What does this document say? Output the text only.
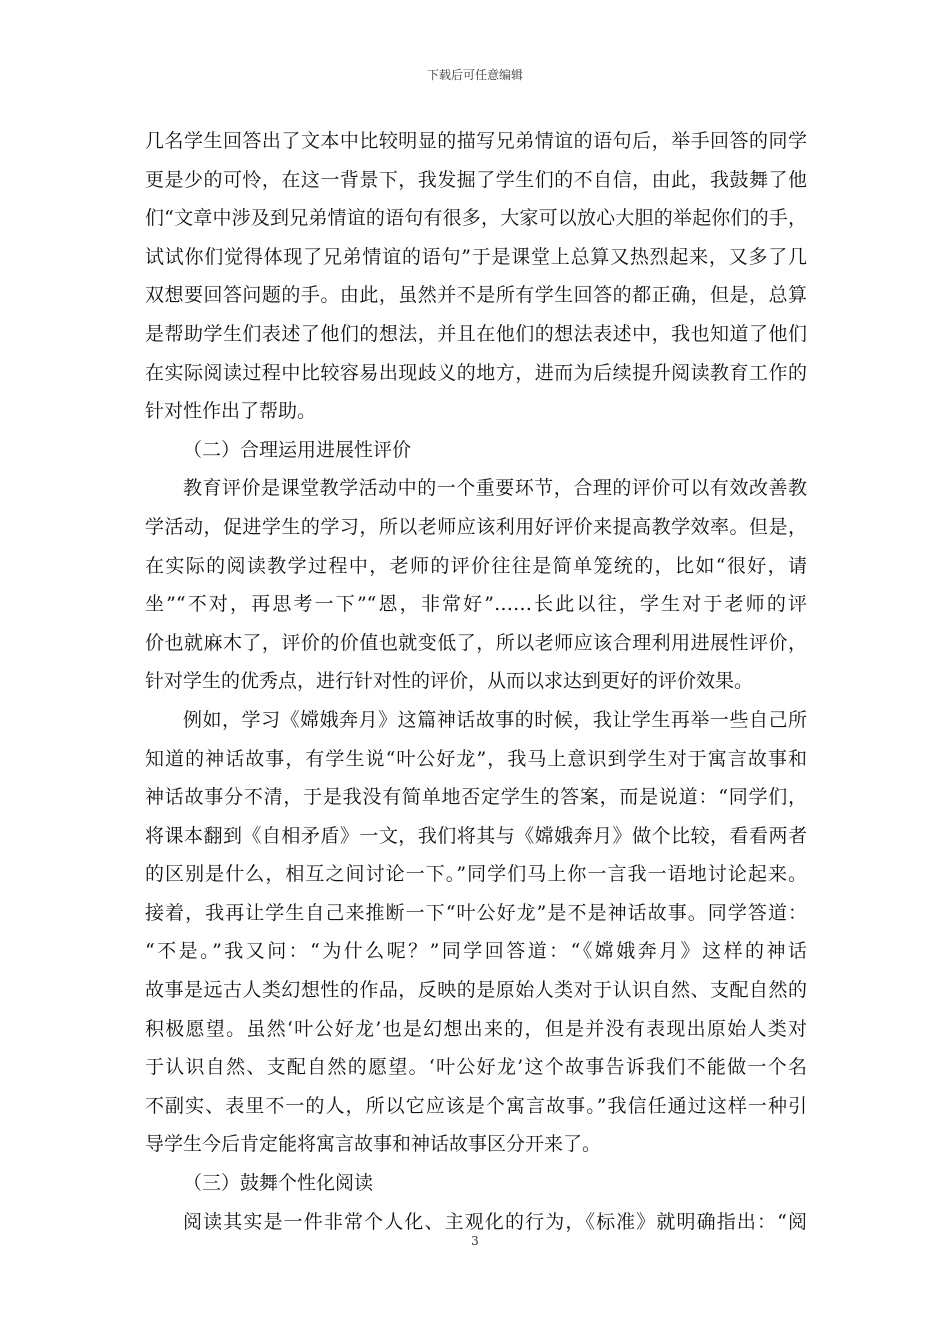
下载后可任意编辑
几名学生回答出了文本中比较明显的描写兄弟情谊的语句后，举手回答的同学
更是少的可怜，在这一背景下，我发掘了学生们的不自信，由此，我鼓舞了他
们“文章中涉及到兄弟情谊的语句有很多，大家可以放心大胆的举起你们的手，
试试你们觉得体现了兄弟情谊的语句”于是课堂上总算又热烈起来，又多了几
双想要回答问题的手。由此，虽然并不是所有学生回答的都正确，但是，总算
是帮助学生们表述了他们的想法，并且在他们的想法表述中，我也知道了他们
在实际阅读过程中比较容易出现歧义的地方，进而为后续提升阅读教育工作的
针对性作出了帮助。
（二）合理运用进展性评价
教育评价是课堂教学活动中的一个重要环节，合理的评价可以有效改善教
学活动，促进学生的学习，所以老师应该利用好评价来提高教学效率。但是，
在实际的阅读教学过程中，老师的评价往往是简单笼统的，比如“很好，请
坐”“不对，再思考一下”“恩，非常好”……长此以往，学生对于老师的评
价也就麻木了，评价的价值也就变低了，所以老师应该合理利用进展性评价，
针对学生的优秀点，进行针对性的评价，从而以求达到更好的评价效果。
例如，学习《嫦娥奔月》这篇神话故事的时候，我让学生再举一些自己所
知道的神话故事，有学生说“叶公好龙”，我马上意识到学生对于寓言故事和
神话故事分不清，于是我没有简单地否定学生的答案，而是说道：“同学们，
将课本翻到《自相矛盾》一文，我们将其与《嫦娥奔月》做个比较，看看两者
的区别是什么，相互之间讨论一下。”同学们马上你一言我一语地讨论起来。
接着，我再让学生自己来推断一下“叶公好龙”是不是神话故事。同学答道：
“不是。”我又问：“为什么呢？”同学回答道：“《嫦娥奔月》这样的神话
故事是远古人类幻想性的作品，反映的是原始人类对于认识自然、支配自然的
积极愿望。虽然‘叶公好龙’也是幻想出来的，但是并没有表现出原始人类对
于认识自然、支配自然的愿望。‘叶公好龙’这个故事告诉我们不能做一个名
不副实、表里不一的人，所以它应该是个寓言故事。”我信任通过这样一种引
导学生今后肯定能将寓言故事和神话故事区分开来了。
（三）鼓舞个性化阅读
阅读其实是一件非常个人化、主观化的行为，《标准》就明确指出：“阅
3
